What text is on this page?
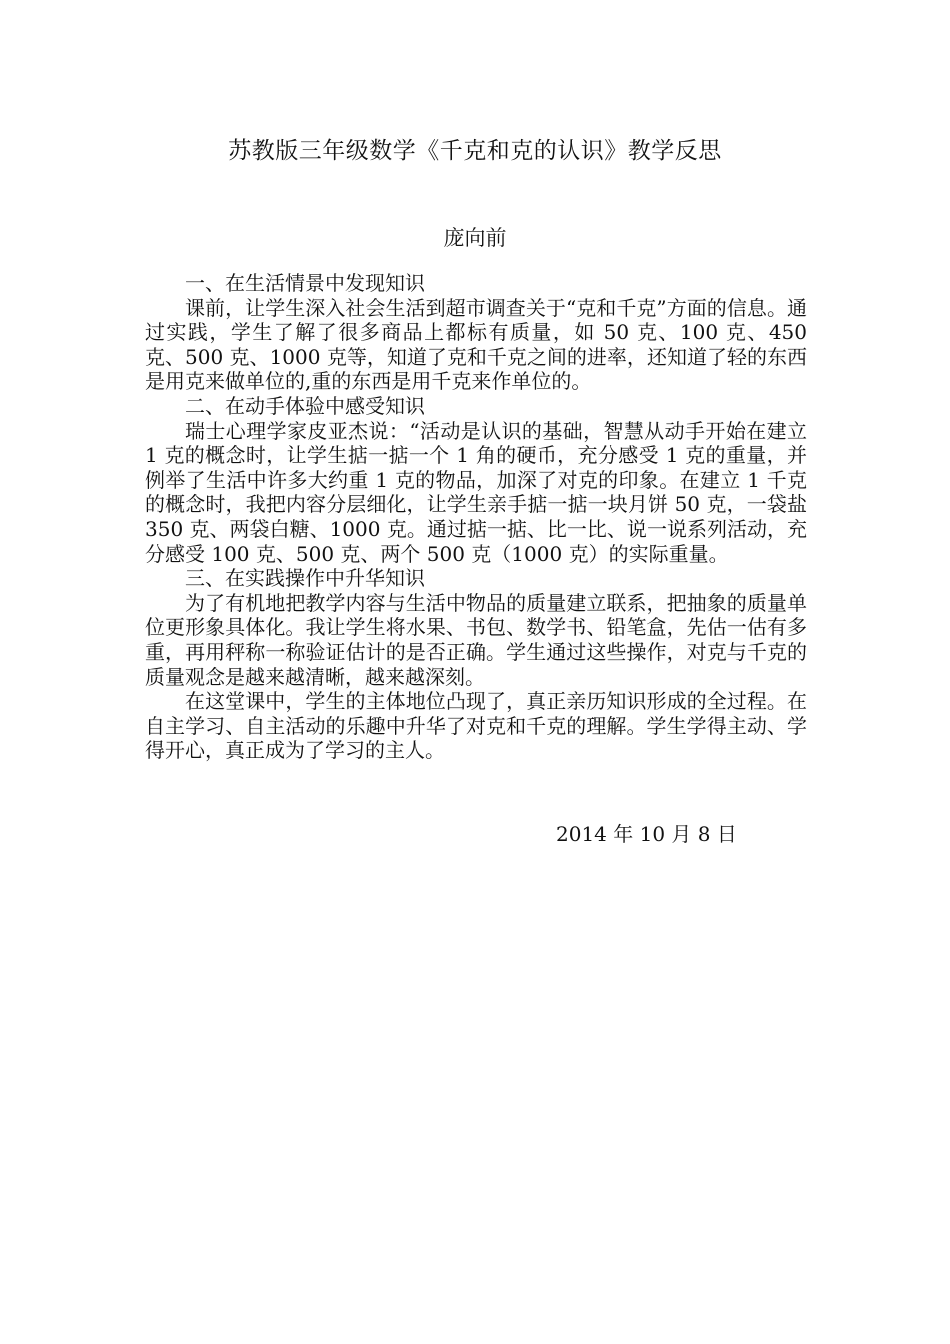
苏教版三年级数学《千克和克的认识》教学反思
庞向前

一、在生活情景中发现知识

课前，让学生深入社会生活到超市调查关于“克和千克”方面的信息。通过实践，学生了解了很多商品上都标有质量，如 50 克、100 克、450 克、500 克、1000 克等，知道了克和千克之间的进率，还知道了轻的东西是用克来做单位的,重的东西是用千克来作单位的。

二、在动手体验中感受知识

瑞士心理学家皮亚杰说：“活动是认识的基础，智慧从动手开始在建立 1 克的概念时，让学生掂一掂一个 1 角的硬币，充分感受 1 克的重量，并例举了生活中许多大约重 1 克的物品，加深了对克的印象。在建立 1 千克的概念时，我把内容分层细化，让学生亲手掂一掂一块月饼 50 克，一袋盐 350 克、两袋白糖、1000 克。通过掂一掂、比一比、说一说系列活动，充分感受 100 克、500 克、两个 500 克（1000 克）的实际重量。

三、在实践操作中升华知识

为了有机地把教学内容与生活中物品的质量建立联系，把抽象的质量单位更形象具体化。我让学生将水果、书包、数学书、铅笔盒，先估一估有多重，再用秤称一称验证估计的是否正确。学生通过这些操作，对克与千克的质量观念是越来越清晰，越来越深刻。

在这堂课中，学生的主体地位凸现了，真正亲历知识形成的全过程。在自主学习、自主活动的乐趣中升华了对克和千克的理解。学生学得主动、学得开心，真正成为了学习的主人。

2014 年 10 月 8 日
